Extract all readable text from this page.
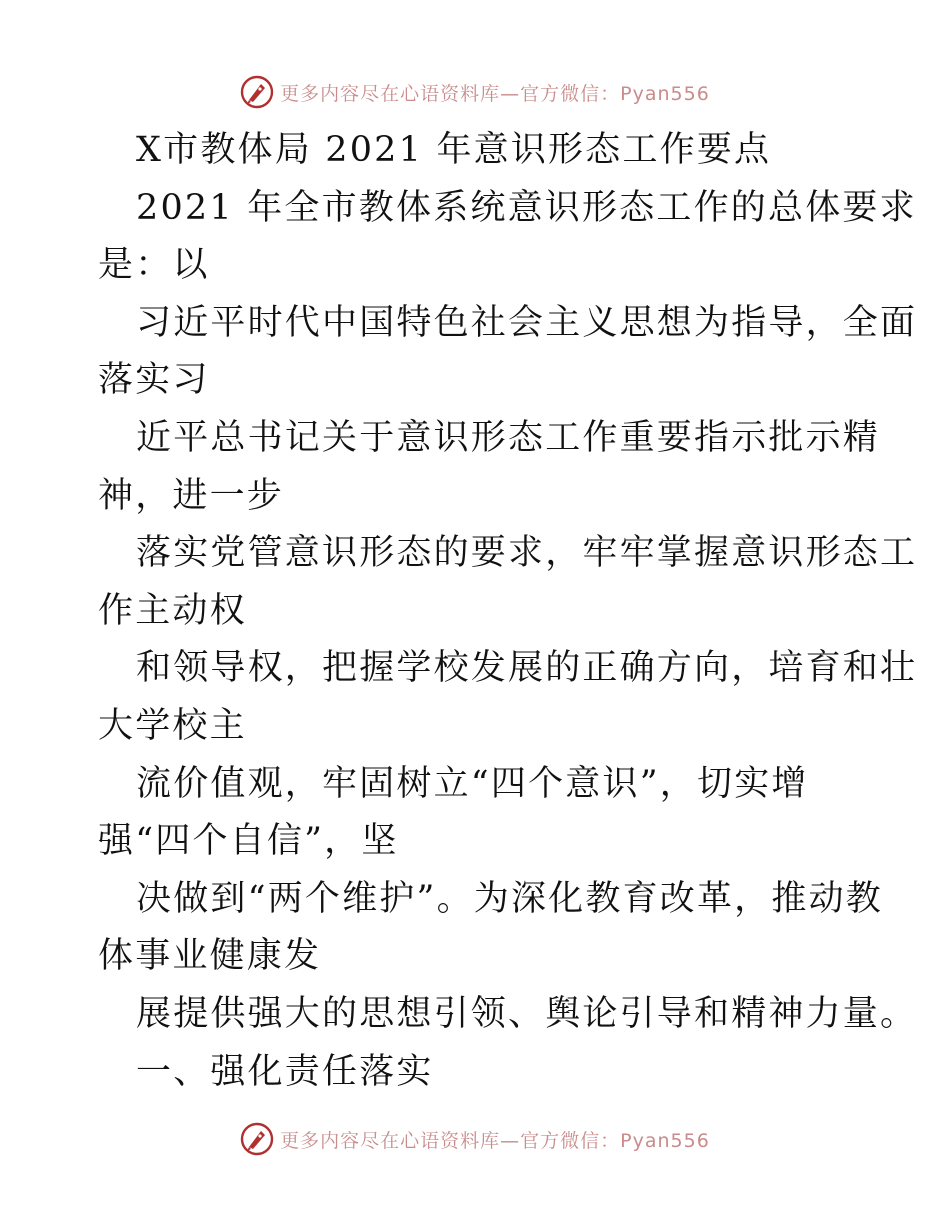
更多内容尽在心语资料库—官方微信：Pyan556
X市教体局 2021 年意识形态工作要点
2021 年全市教体系统意识形态工作的总体要求
是：以
习近平时代中国特色社会主义思想为指导，全面
落实习
近平总书记关于意识形态工作重要指示批示精
神，进一步
落实党管意识形态的要求，牢牢掌握意识形态工
作主动权
和领导权，把握学校发展的正确方向，培育和壮
大学校主
流价值观，牢固树立“四个意识”，切实增
强“四个自信”，坚
决做到“两个维护”。为深化教育改革，推动教
体事业健康发
展提供强大的思想引领、舆论引导和精神力量。
一、强化责任落实
更多内容尽在心语资料库—官方微信：Pyan556
